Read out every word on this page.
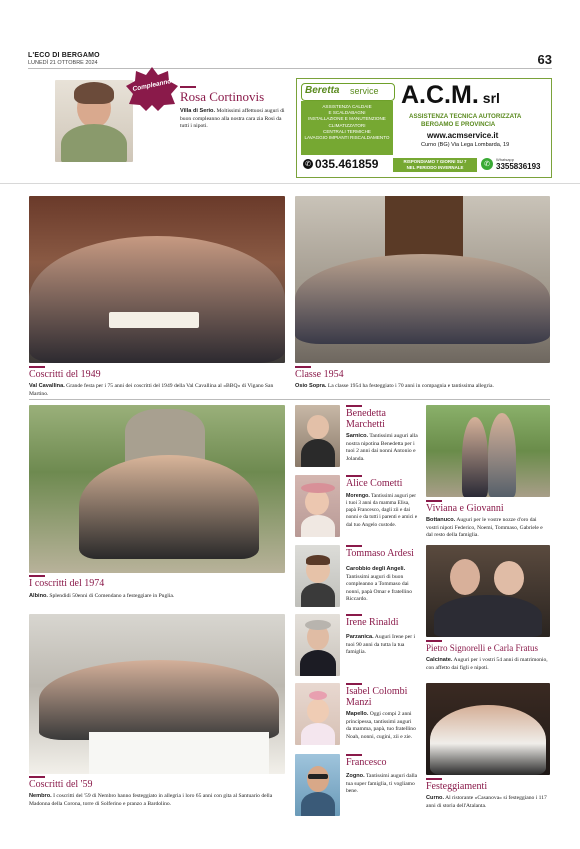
L'ECO DI BERGAMO
LUNEDÌ 21 OTTOBRE 2024	63
Compleanno
Rosa Cortinovis
Villa di Serio. Moltissimi affettuosi auguri di buon compleanno alla nostra cara zia Rosi da tutti i nipoti.
Beretta service
ASSISTENZA CALDAIE
E SCALDABAGNI
INSTALLAZIONE E MANUTENZIONE
CLIMATIZZATORI
CENTRALI TERMICHE
LAVAGGIO IMPIANTI RISCALDAMENTO
A.C.M. srl
ASSISTENZA TECNICA AUTORIZZATA
BERGAMO E PROVINCIA
www.acmservice.it
Curno (BG) Via Lega Lombarda, 19
✆ 035.461859	RISPONDIAMO 7 GIORNI SU 7
NEL PERIODO INVERNALE	✆
Whatsapp
3355836193
Coscritti del 1949
Val Cavallina. Grande festa per i 75 anni dei coscritti del 1949 della Val Cavallina al «BBQ» di Vigano San Martino.
Classe 1954
Osio Sopra. La classe 1954 ha festeggiato i 70 anni in compagnia e tantissima allegria.
I coscritti del 1974
Albino. Splendidi 50enni di Comendano a festeggiare in Puglia.
Coscritti del '59
Nembro. I coscritti del '59 di Nembro hanno festeggiato in allegria i loro 65 anni con gita al Santuario della Madonna della Corona, torre di Solferino e pranzo a Bardolino.
Benedetta Marchetti
Sarnico. Tantissimi auguri alla nostra nipotina Benedetta per i tuoi 2 anni dai nonni Antonio e Jolanda.
Alice Cometti
Morengo. Tantissimi auguri per i tuoi 3 anni da mamma Elisa, papà Francesco, dagli zii e dai nonni e da tutti i parenti e amici e dal tuo Angelo custode.
Tommaso Ardesi
Carobbio degli Angeli. Tantissimi auguri di buon compleanno a Tommaso dai nonni, papà Omar e fratellino Riccardo.
Irene Rinaldi
Parzanica. Auguri Irene per i tuoi 90 anni da tutta la tua famiglia.
Isabel Colombi Manzi
Mapello. Oggi compi 2 anni principessa, tantissimi auguri da mamma, papà, tuo fratellino Noah, nonni, cugini, zii e zie.
Francesco
Zogno. Tantissimi auguri dalla tua super famiglia, ti vogliamo bene.
Viviana e Giovanni
Bottanuco. Auguri per le vostre nozze d'oro dai vostri nipoti Federico, Noemi, Tommaso, Gabriele e dal resto della famiglia.
Pietro Signorelli e Carla Fratus
Calcinate. Auguri per i vostri 54 anni di matrimonio, con affetto dai figli e nipoti.
Festeggiamenti
Curno. Al ristorante «Casanova» si festeggiano i 117 anni di storia dell'Atalanta.
